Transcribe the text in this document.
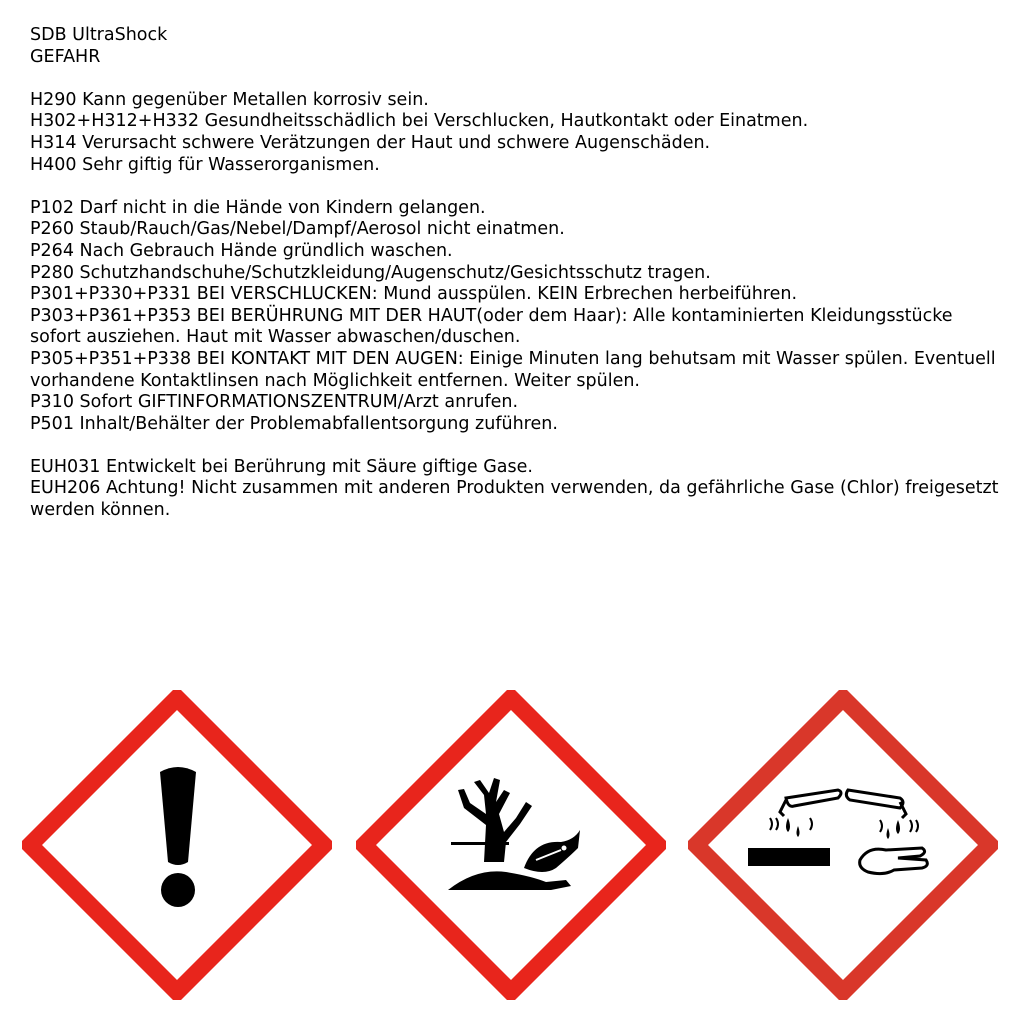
SDB UltraShock

GEFAHR

H290 Kann gegenüber Metallen korrosiv sein.

H302+H312+H332 Gesundheitsschädlich bei Verschlucken, Hautkontakt oder Einatmen.

H314 Verursacht schwere Verätzungen der Haut und schwere Augenschäden.

H400 Sehr giftig für Wasserorganismen.

P102 Darf nicht in die Hände von Kindern gelangen.

P260 Staub/Rauch/Gas/Nebel/Dampf/Aerosol nicht einatmen.

P264 Nach Gebrauch Hände gründlich waschen.

P280 Schutzhandschuhe/Schutzkleidung/Augenschutz/Gesichtsschutz tragen.

P301+P330+P331 BEI VERSCHLUCKEN: Mund ausspülen. KEIN Erbrechen herbeiführen.

P303+P361+P353 BEI BERÜHRUNG MIT DER HAUT(oder dem Haar): Alle kontaminierten Kleidungsstücke sofort ausziehen. Haut mit Wasser abwaschen/duschen.

P305+P351+P338 BEI KONTAKT MIT DEN AUGEN: Einige Minuten lang behutsam mit Wasser spülen. Eventuell vorhandene Kontaktlinsen nach Möglichkeit entfernen. Weiter spülen.

P310 Sofort GIFTINFORMATIONSZENTRUM/Arzt anrufen.

P501 Inhalt/Behälter der Problemabfallentsorgung zuführen.

EUH031 Entwickelt bei Berührung mit Säure giftige Gase.

EUH206 Achtung! Nicht zusammen mit anderen Produkten verwenden, da gefährliche Gase (Chlor) freigesetzt werden können.
